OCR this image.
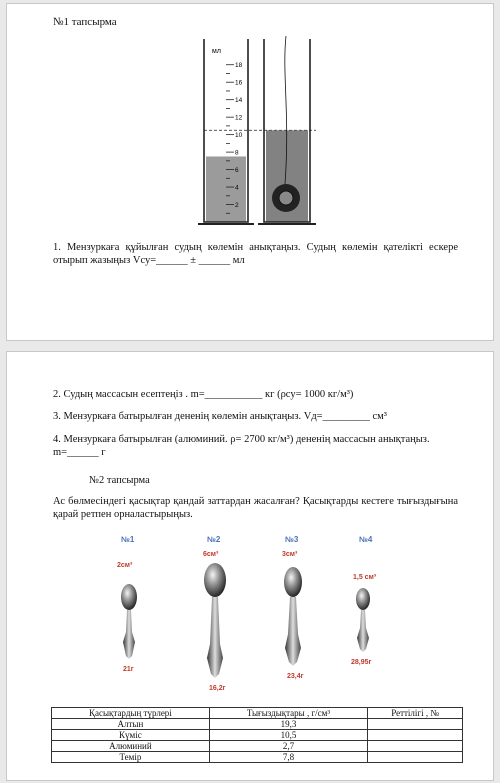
№1 тапсырма

18
16
14
12
10
8
6
4
2
мл

1. Мензуркаға құйылған судың көлемін анықтаңыз. Судың көлемін қателікті ескере отырып жазыңыз Vсу=______ ± ______ мл

2. Судың массасын есептеңіз . m=___________ кг (ρсу= 1000 кг/м³)

3. Мензуркаға батырылған дененің көлемін анықтаңыз. Vд=_________ см³

4. Мензуркаға батырылған (алюминий. ρ= 2700 кг/м³) дененің массасын анықтаңыз. m=______ г

№2 тапсырма

Ас бөлмесіндегі қасықтар қандай заттардан жасалған? Қасықтарды кестеге тығыздығына қарай ретпен орналастырыңыз.

№1
2см³
21г
№2
6см³
16,2г
№3
3см³
23,4г
№4
1,5 см³
28,95г
Қасықтардың түрлері	Тығыздықтары , г/см³	Реттілігі , №
Алтын	19,3	
Күміс	10,5	
Алюминий	2,7	
Темір	7,8	
